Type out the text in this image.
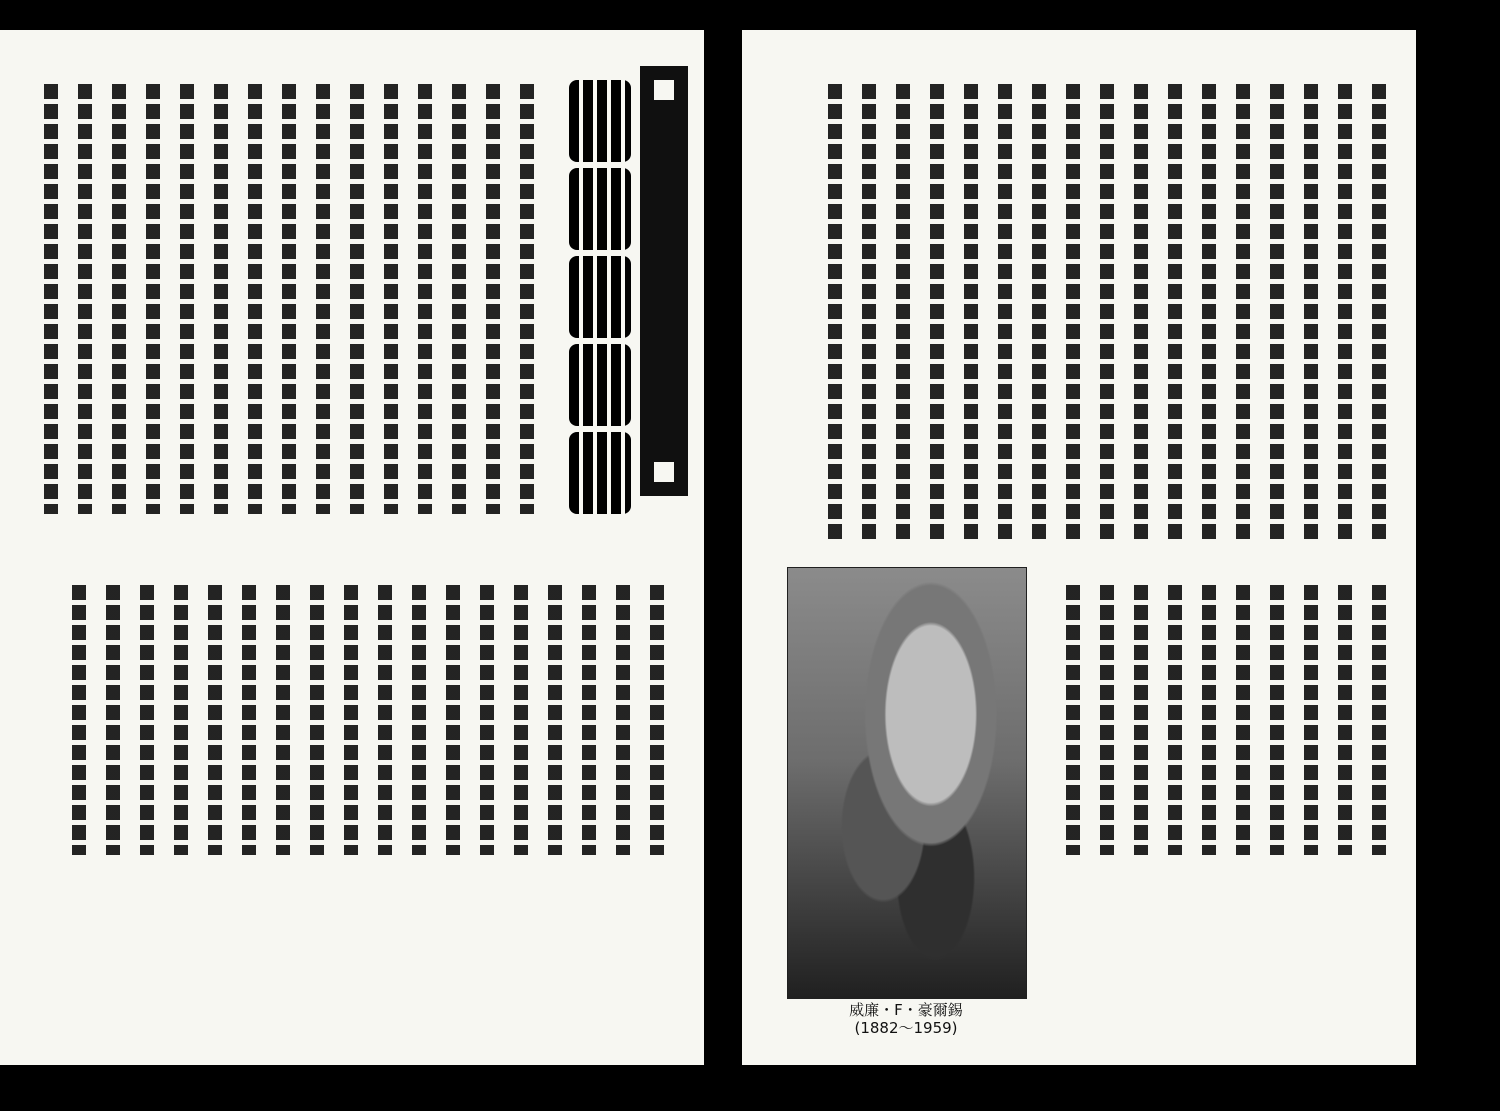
威廉・F・豪爾錫
(1882〜1959)
